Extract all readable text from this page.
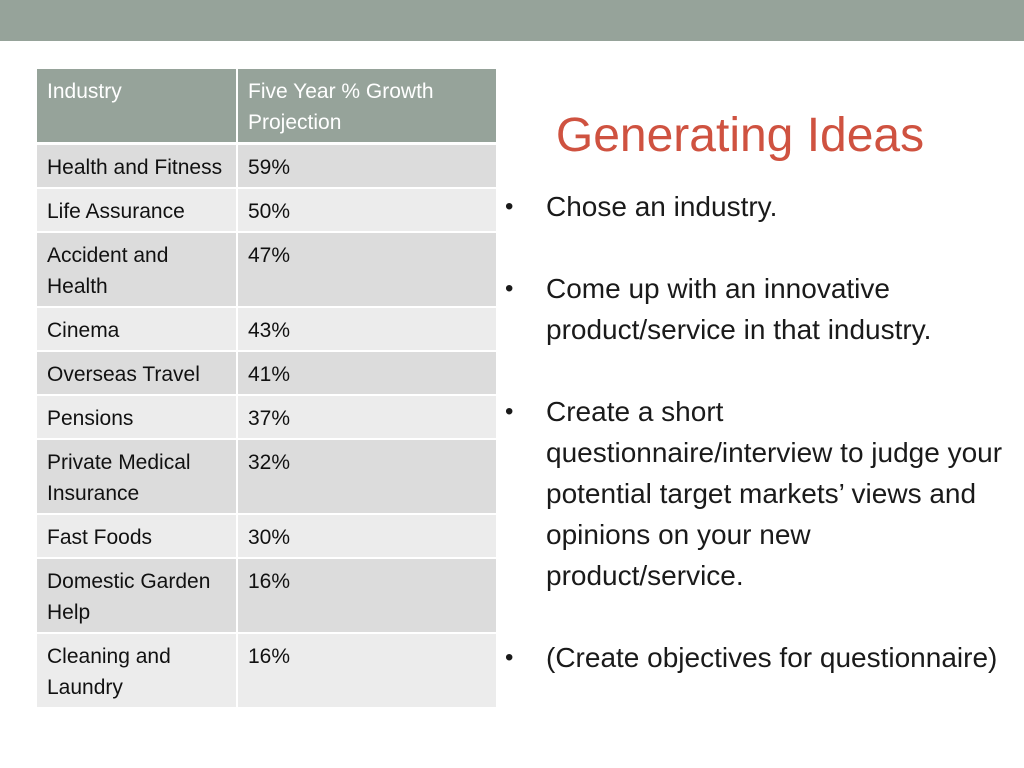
Industry	Five Year % Growth Projection
Health and Fitness	59%
Life Assurance	50%
Accident and Health	47%
Cinema	43%
Overseas Travel	41%
Pensions	37%
Private Medical Insurance	32%
Fast Foods	30%
Domestic Garden Help	16%
Cleaning and Laundry	16%
Generating Ideas
• Chose an industry.
• Come up with an innovative product/service in that industry.
• Create a short questionnaire/interview to judge your potential target markets’ views and opinions on your new product/service.
• (Create objectives for questionnaire)
